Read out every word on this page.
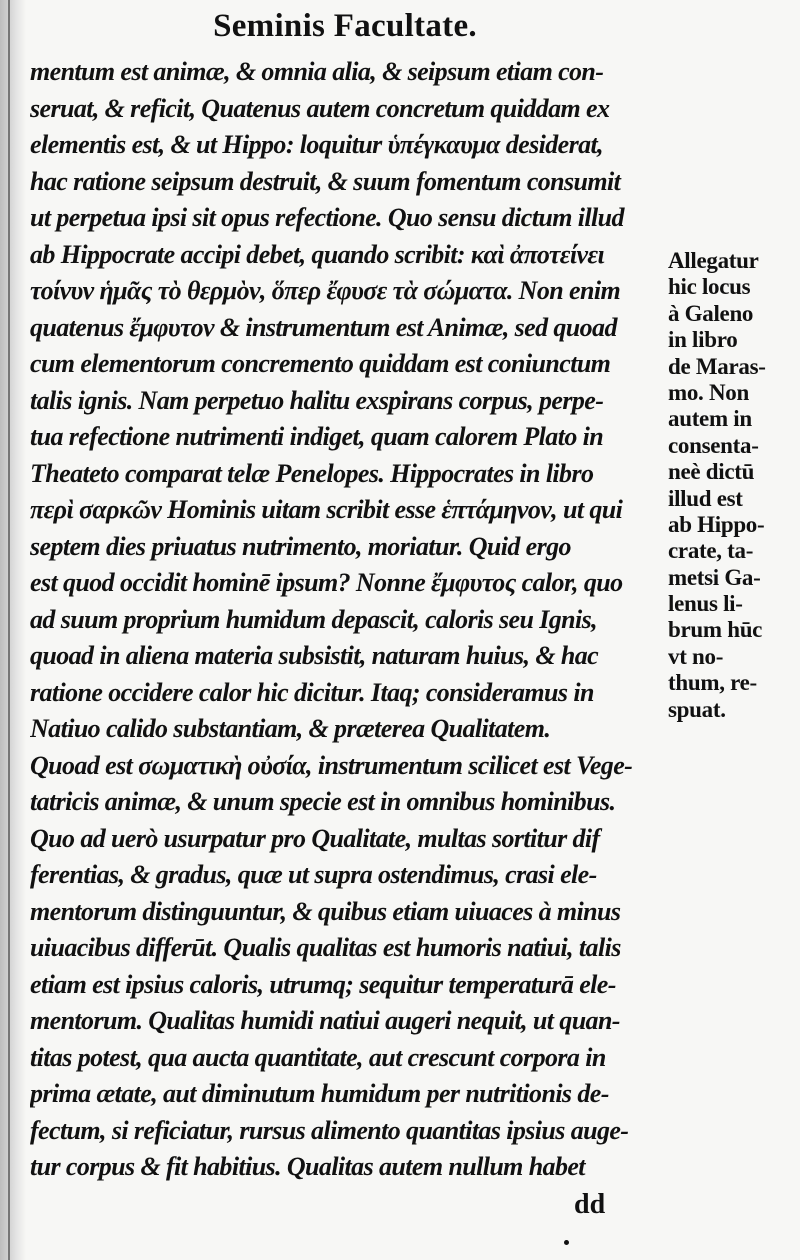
Seminis Facultate.
mentum est animæ, & omnia alia, & seipsum etiam con-
seruat, & reficit, Quatenus autem concretum quiddam ex
elementis est, & ut Hippo: loquitur ὑπέγκαυμα desiderat,
hac ratione seipsum destruit, & suum fomentum consumit
ut perpetua ipsi sit opus refectione. Quo sensu dictum illud
ab Hippocrate accipi debet, quando scribit: καὶ ἀποτείνει
τοίνυν ἡμᾶς τὸ θερμὸν, ὅπερ ἔφυσε τὰ σώματα. Non enim
quatenus ἔμφυτον & instrumentum est Animæ, sed quoad
cum elementorum concremento quiddam est coniunctum
talis ignis. Nam perpetuo halitu exspirans corpus, perpe-
tua refectione nutrimenti indiget, quam calorem Plato in
Theateto comparat telæ Penelopes. Hippocrates in libro
περὶ σαρκῶν Hominis uitam scribit esse ἑπτάμηνον, ut qui
septem dies priuatus nutrimento, moriatur. Quid ergo
est quod occidit hominē ipsum? Nonne ἔμφυτος calor, quo
ad suum proprium humidum depascit, caloris seu Ignis,
quoad in aliena materia subsistit, naturam huius, & hac
ratione occidere calor hic dicitur. Itaq; consideramus in
Natiuo calido substantiam, & præterea Qualitatem.
Quoad est σωματικὴ οὐσία, instrumentum scilicet est Vege-
tatricis animæ, & unum specie est in omnibus hominibus.
Quo ad uerò usurpatur pro Qualitate, multas sortitur dif
ferentias, & gradus, quæ ut supra ostendimus, crasi ele-
mentorum distinguuntur, & quibus etiam uiuaces à minus
uiuacibus differūt. Qualis qualitas est humoris natiui, talis
etiam est ipsius caloris, utrumq; sequitur temperaturā ele-
mentorum. Qualitas humidi natiui augeri nequit, ut quan-
titas potest, qua aucta quantitate, aut crescunt corpora in
prima ætate, aut diminutum humidum per nutritionis de-
fectum, si reficiatur, rursus alimento quantitas ipsius auge-
tur corpus & fit habitius. Qualitas autem nullum habet
Allegatur
hic locus
à Galeno
in libro
de Maras-
mo. Non
autem in
consenta-
neè dictū
illud est
ab Hippo-
crate, ta-
metsi Ga-
lenus li-
brum hūc
vt no-
thum, re-
spuat.
dd
